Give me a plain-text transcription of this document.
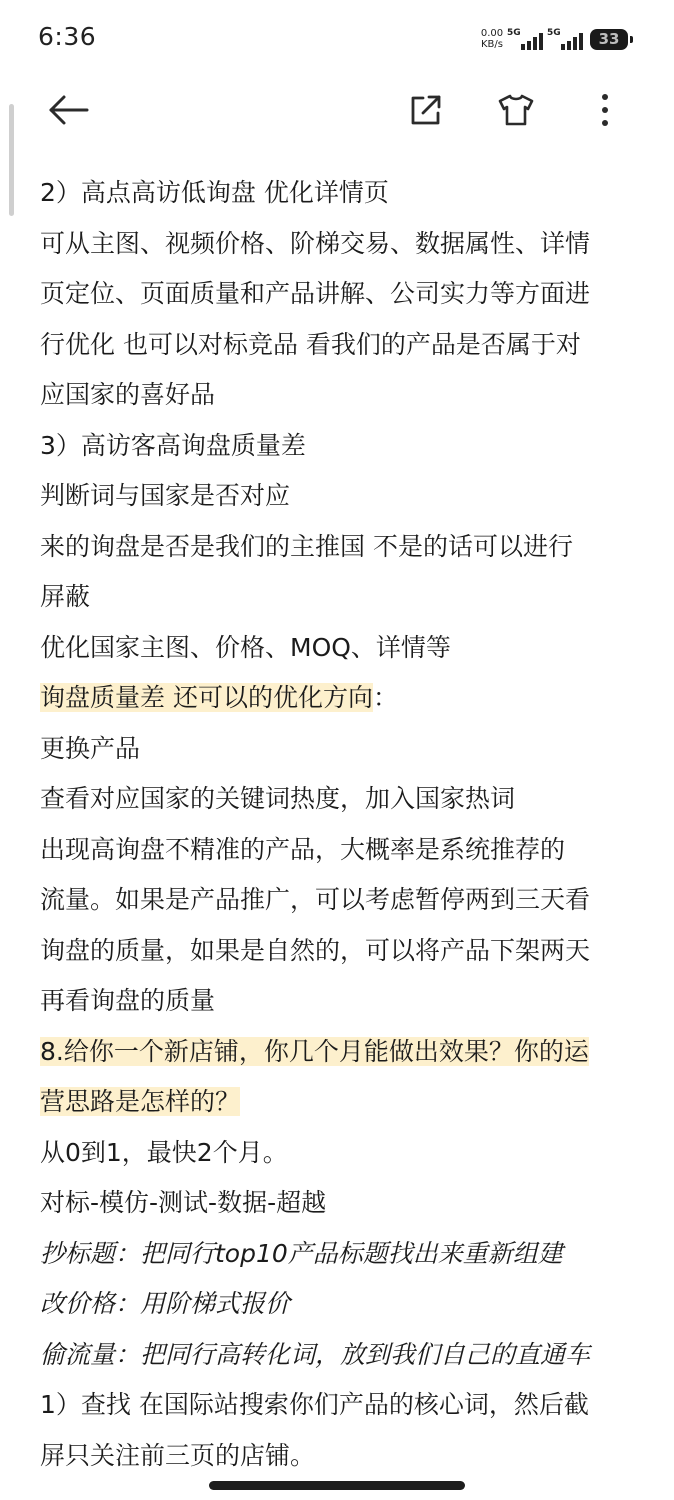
6:36	0.00
KB/s
5G	5G	33
2）高点高访低询盘 优化详情页
可从主图、视频价格、阶梯交易、数据属性、详情
页定位、页面质量和产品讲解、公司实力等方面进
行优化 也可以对标竞品 看我们的产品是否属于对
应国家的喜好品
3）高访客高询盘质量差
判断词与国家是否对应
来的询盘是否是我们的主推国 不是的话可以进行
屏蔽
优化国家主图、价格、MOQ、详情等
询盘质量差 还可以的优化方向：
更换产品
查看对应国家的关键词热度，加入国家热词
出现高询盘不精准的产品，大概率是系统推荐的
流量。如果是产品推广，可以考虑暂停两到三天看
询盘的质量，如果是自然的，可以将产品下架两天
再看询盘的质量
8.给你一个新店铺，你几个月能做出效果？你的运
营思路是怎样的？
从0到1，最快2个月。
对标-模仿-测试-数据-超越
抄标题：把同行top10产品标题找出来重新组建
改价格：用阶梯式报价
偷流量：把同行高转化词，放到我们自己的直通车
1）查找 在国际站搜索你们产品的核心词，然后截
屏只关注前三页的店铺。
